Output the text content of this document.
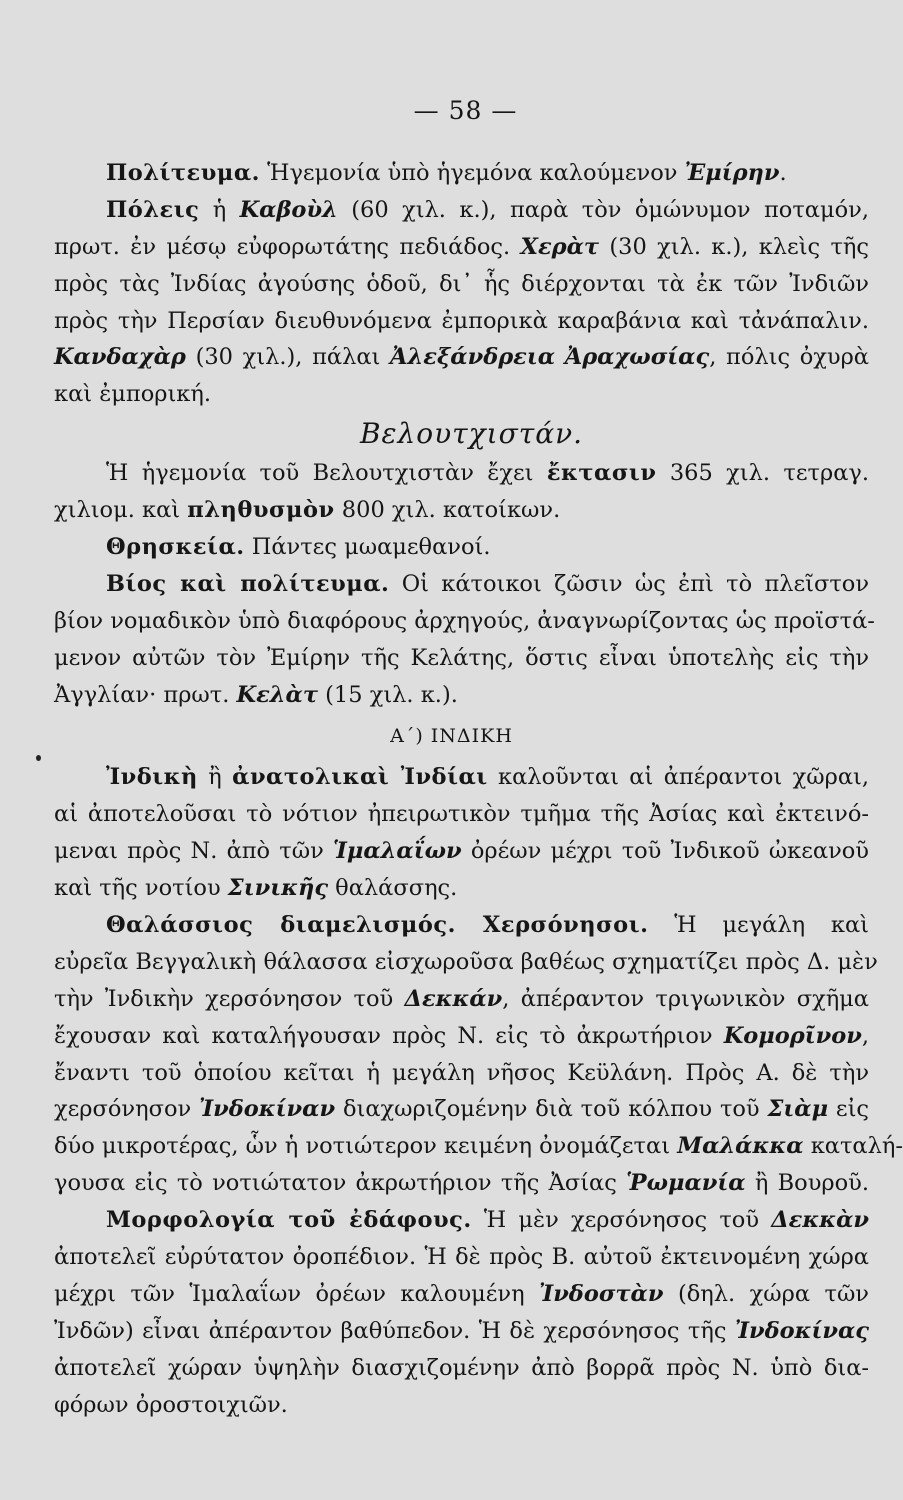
— 58 —
Πολίτευμα. Ἡγεμονία ὑπὸ ἡγεμόνα καλούμενον Ἐμίρην.
Πόλεις ἡ Καβοὺλ (60 χιλ. κ.), παρὰ τὸν ὁμώνυμον ποταμόν,
πρωτ. ἐν μέσῳ εὐφορωτάτης πεδιάδος. Χερὰτ (30 χιλ. κ.), κλεὶς τῆς
πρὸς τὰς Ἰνδίας ἀγούσης ὁδοῦ, δι᾽ ἧς διέρχονται τὰ ἐκ τῶν Ἰνδιῶν
πρὸς τὴν Περσίαν διευθυνόμενα ἐμπορικὰ καραβάνια καὶ τἀνάπαλιν.
Κανδαχὰρ (30 χιλ.), πάλαι Ἀλεξάνδρεια Ἀραχωσίας, πόλις ὀχυρὰ
καὶ ἐμπορική.
Βελουτχιστάν.
Ἡ ἡγεμονία τοῦ Βελουτχιστὰν ἔχει ἔκτασιν 365 χιλ. τετραγ.
χιλιομ. καὶ πληθυσμὸν 800 χιλ. κατοίκων.
Θρησκεία. Πάντες μωαμεθανοί.
Βίος καὶ πολίτευμα. Οἱ κάτοικοι ζῶσιν ὡς ἐπὶ τὸ πλεῖστον
βίον νομαδικὸν ὑπὸ διαφόρους ἀρχηγούς, ἀναγνωρίζοντας ὡς προϊστά-
μενον αὐτῶν τὸν Ἐμίρην τῆς Κελάτης, ὅστις εἶναι ὑποτελὴς εἰς τὴν
Ἀγγλίαν· πρωτ. Κελὰτ (15 χιλ. κ.).
Α΄) ΙΝΔΙΚΗ
Ἰνδικὴ ἢ ἀνατολικαὶ Ἰνδίαι καλοῦνται αἱ ἀπέραντοι χῶραι,
αἱ ἀποτελοῦσαι τὸ νότιον ἠπειρωτικὸν τμῆμα τῆς Ἀσίας καὶ ἐκτεινό-
μεναι πρὸς Ν. ἀπὸ τῶν Ἱμαλαΐων ὀρέων μέχρι τοῦ Ἰνδικοῦ ὠκεανοῦ
καὶ τῆς νοτίου Σινικῆς θαλάσσης.
Θαλάσσιος διαμελισμός. Χερσόνησοι. Ἡ μεγάλη καὶ
εὐρεῖα Βεγγαλικὴ θάλασσα εἰσχωροῦσα βαθέως σχηματίζει πρὸς Δ. μὲν
τὴν Ἰνδικὴν χερσόνησον τοῦ Δεκκάν, ἀπέραντον τριγωνικὸν σχῆμα
ἔχουσαν καὶ καταλήγουσαν πρὸς Ν. εἰς τὸ ἀκρωτήριον Κομορῖνον,
ἔναντι τοῦ ὁποίου κεῖται ἡ μεγάλη νῆσος Κεϋλάνη. Πρὸς Α. δὲ τὴν
χερσόνησον Ἰνδοκίναν διαχωριζομένην διὰ τοῦ κόλπου τοῦ Σιὰμ εἰς
δύο μικροτέρας, ὧν ἡ νοτιώτερον κειμένη ὀνομάζεται Μαλάκκα καταλή-
γουσα εἰς τὸ νοτιώτατον ἀκρωτήριον τῆς Ἀσίας Ῥωμανία ἢ Βουροῦ.
Μορφολογία τοῦ ἐδάφους. Ἡ μὲν χερσόνησος τοῦ Δεκκὰν
ἀποτελεῖ εὐρύτατον ὀροπέδιον. Ἡ δὲ πρὸς Β. αὐτοῦ ἐκτεινομένη χώρα
μέχρι τῶν Ἱμαλαΐων ὀρέων καλουμένη Ἰνδοστὰν (δηλ. χώρα τῶν
Ἰνδῶν) εἶναι ἀπέραντον βαθύπεδον. Ἡ δὲ χερσόνησος τῆς Ἰνδοκίνας
ἀποτελεῖ χώραν ὑψηλὴν διασχιζομένην ἀπὸ βορρᾶ πρὸς Ν. ὑπὸ δια-
φόρων ὀροστοιχιῶν.
